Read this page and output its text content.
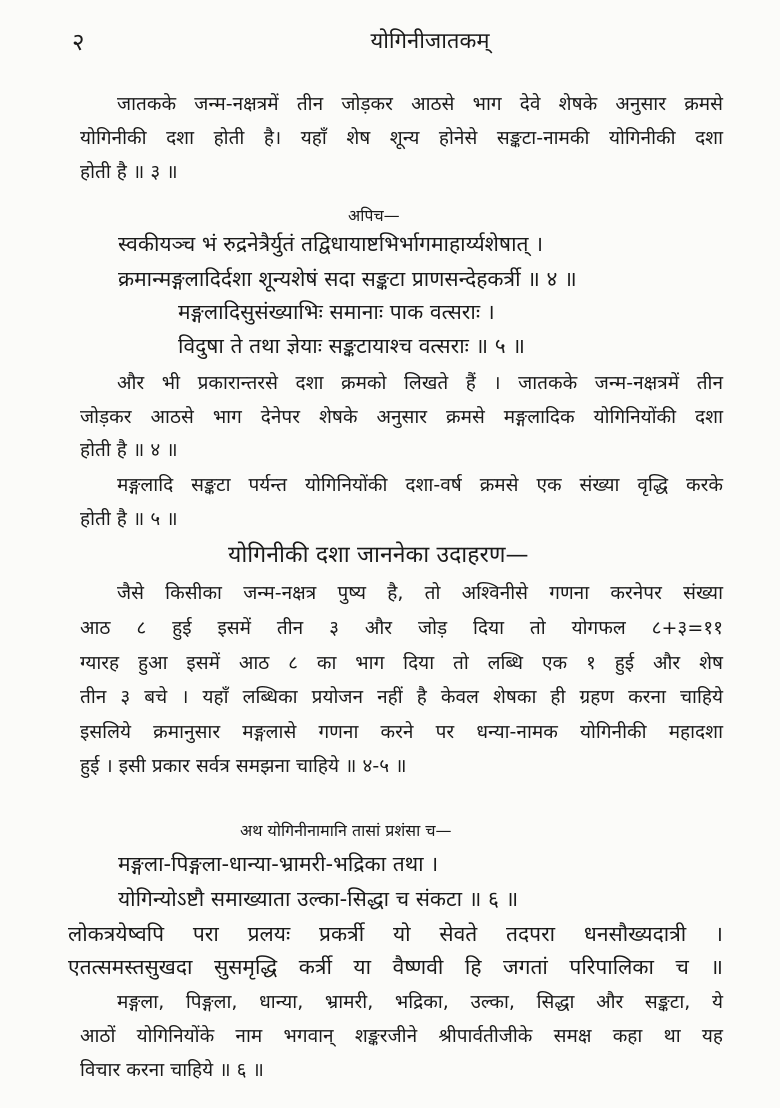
२	योगिनीजातकम्
जातकके जन्म-नक्षत्रमें तीन जोड़कर आठसे भाग देवे शेषके अनुसार क्रमसे
योगिनीकी दशा होती है। यहाँ शेष शून्य होनेसे सङ्कटा-नामकी योगिनीकी दशा
होती है ॥ ३ ॥
अपिच—
स्वकीयञ्च भं रुद्रनेत्रैर्युतं तद्विधायाष्टभिर्भागमाहार्य्यशेषात् ।
क्रमान्मङ्गलादिर्दशा शून्यशेषं सदा सङ्कटा प्राणसन्देहकर्त्री ॥ ४ ॥
मङ्गलादिसुसंख्याभिः समानाः पाक वत्सराः ।
विदुषा ते तथा ज्ञेयाः सङ्कटायाश्च वत्सराः ॥ ५ ॥
और भी प्रकारान्तरसे दशा क्रमको लिखते हैं । जातकके जन्म-नक्षत्रमें तीन
जोड़कर आठसे भाग देनेपर शेषके अनुसार क्रमसे मङ्गलादिक योगिनियोंकी दशा
होती है ॥ ४ ॥
मङ्गलादि सङ्कटा पर्यन्त योगिनियोंकी दशा-वर्ष क्रमसे एक संख्या वृद्धि करके
होती है ॥ ५ ॥
योगिनीकी दशा जाननेका उदाहरण—
जैसे किसीका जन्म-नक्षत्र पुष्य है, तो अश्विनीसे गणना करनेपर संख्या
आठ ८ हुई इसमें तीन ३ और जोड़ दिया तो योगफल ८+३=११
ग्यारह हुआ इसमें आठ ८ का भाग दिया तो लब्धि एक १ हुई और शेष
तीन ३ बचे । यहाँ लब्धिका प्रयोजन नहीं है केवल शेषका ही ग्रहण करना चाहिये
इसलिये क्रमानुसार मङ्गलासे गणना करने पर धन्या-नामक योगिनीकी महादशा
हुई । इसी प्रकार सर्वत्र समझना चाहिये ॥ ४-५ ॥
अथ योगिनीनामानि तासां प्रशंसा च—
मङ्गला-पिङ्गला-धान्या-भ्रामरी-भद्रिका तथा ।
योगिन्योऽष्टौ समाख्याता उल्का-सिद्धा च संकटा ॥ ६ ॥
लोकत्रयेष्वपि परा प्रलयः प्रकर्त्री यो सेवते तदपरा धनसौख्यदात्री ।
एतत्समस्तसुखदा सुसमृद्धि कर्त्री या वैष्णवी हि जगतां परिपालिका च ॥
मङ्गला, पिङ्गला, धान्या, भ्रामरी, भद्रिका, उल्का, सिद्धा और सङ्कटा, ये
आठों योगिनियोंके नाम भगवान् शङ्करजीने श्रीपार्वतीजीके समक्ष कहा था यह
विचार करना चाहिये ॥ ६ ॥
